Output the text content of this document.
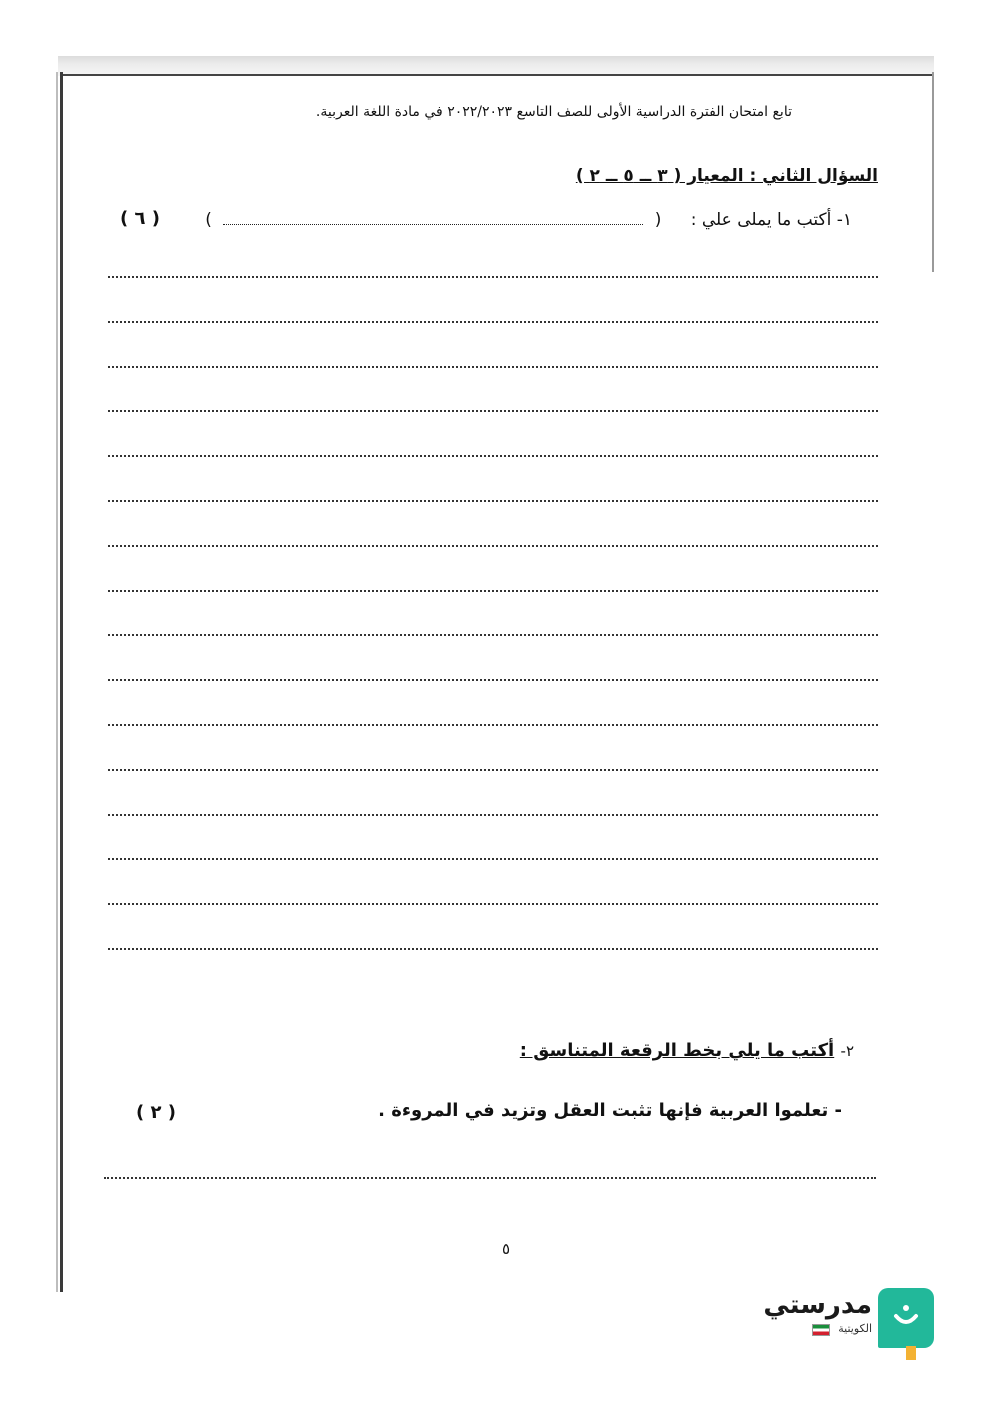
تابع امتحان الفترة الدراسية الأولى للصف التاسع ٢٠٢٢/٢٠٢٣ في مادة اللغة العربية.
السؤال الثاني : المعيار ( ٣ ــ ٥ ــ ٢ )
١- أكتب ما يملى علي : (  )
( ٦ )
٢- أكتب ما يلي بخط الرقعة المتناسق :
- تعلموا العربية فإنها تثبت العقل وتزيد في المروءة .
( ٢ )
٥
مدرستي
الكويتية
